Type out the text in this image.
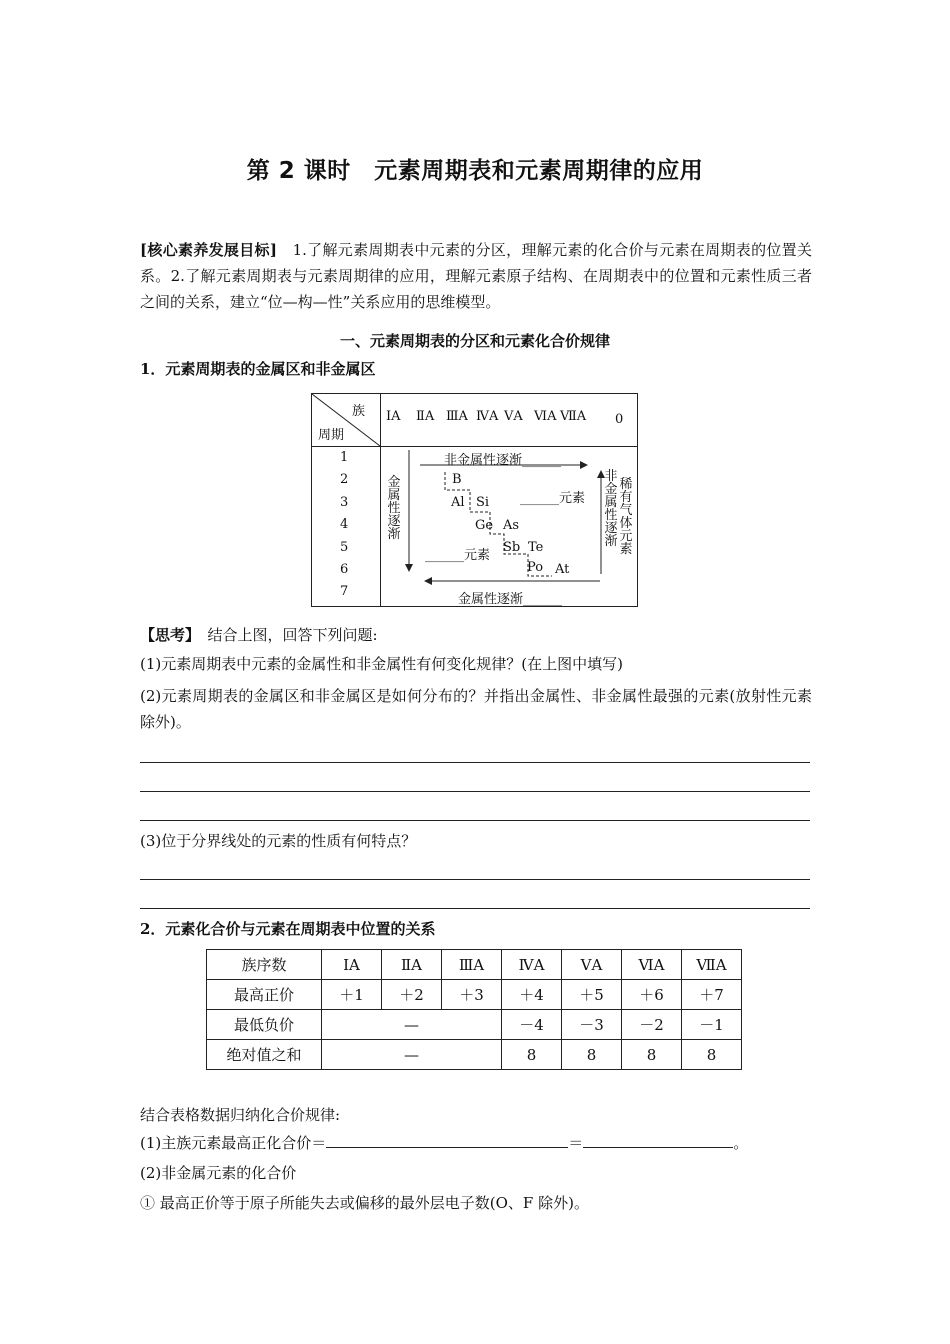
第 2 课时　元素周期表和元素周期律的应用
[核心素养发展目标]　1.了解元素周期表中元素的分区，理解元素的化合价与元素在周期表的位置关系。2.了解元素周期表与元素周期律的应用，理解元素原子结构、在周期表中的位置和元素性质三者之间的关系，建立“位—构—性”关系应用的思维模型。
一、元素周期表的分区和元素化合价规律
1．元素周期表的金属区和非金属区
族
周期
ⅠA ⅡA ⅢA ⅣA ⅤA ⅥA ⅦA 0
1
2
3
4
5
6
7
非金属性逐渐______
金属性逐渐______
金属性逐渐
非金属性逐渐
稀有气体元素
______元素
______元素
B
Al Si
Ge As
Sb Te
Po At
【思考】　 结合上图，回答下列问题:
(1)元素周期表中元素的金属性和非金属性有何变化规律？(在上图中填写)
(2)元素周期表的金属区和非金属区是如何分布的？并指出金属性、非金属性最强的元素(放射性元素除外)。
(3)位于分界线处的元素的性质有何特点？
2．元素化合价与元素在周期表中位置的关系
族序数	ⅠA	ⅡA	ⅢA	ⅣA	ⅤA	ⅥA	ⅦA
最高正价	＋1	＋2	＋3	＋4	＋5	＋6	＋7
最低负价	—			－4	－3	－2	－1
绝对值之和	—			8	8	8	8
结合表格数据归纳化合价规律:
(1)主族元素最高正化合价＝	＝	。
(2)非金属元素的化合价
① 最高正价等于原子所能失去或偏移的最外层电子数(O、F 除外)。
